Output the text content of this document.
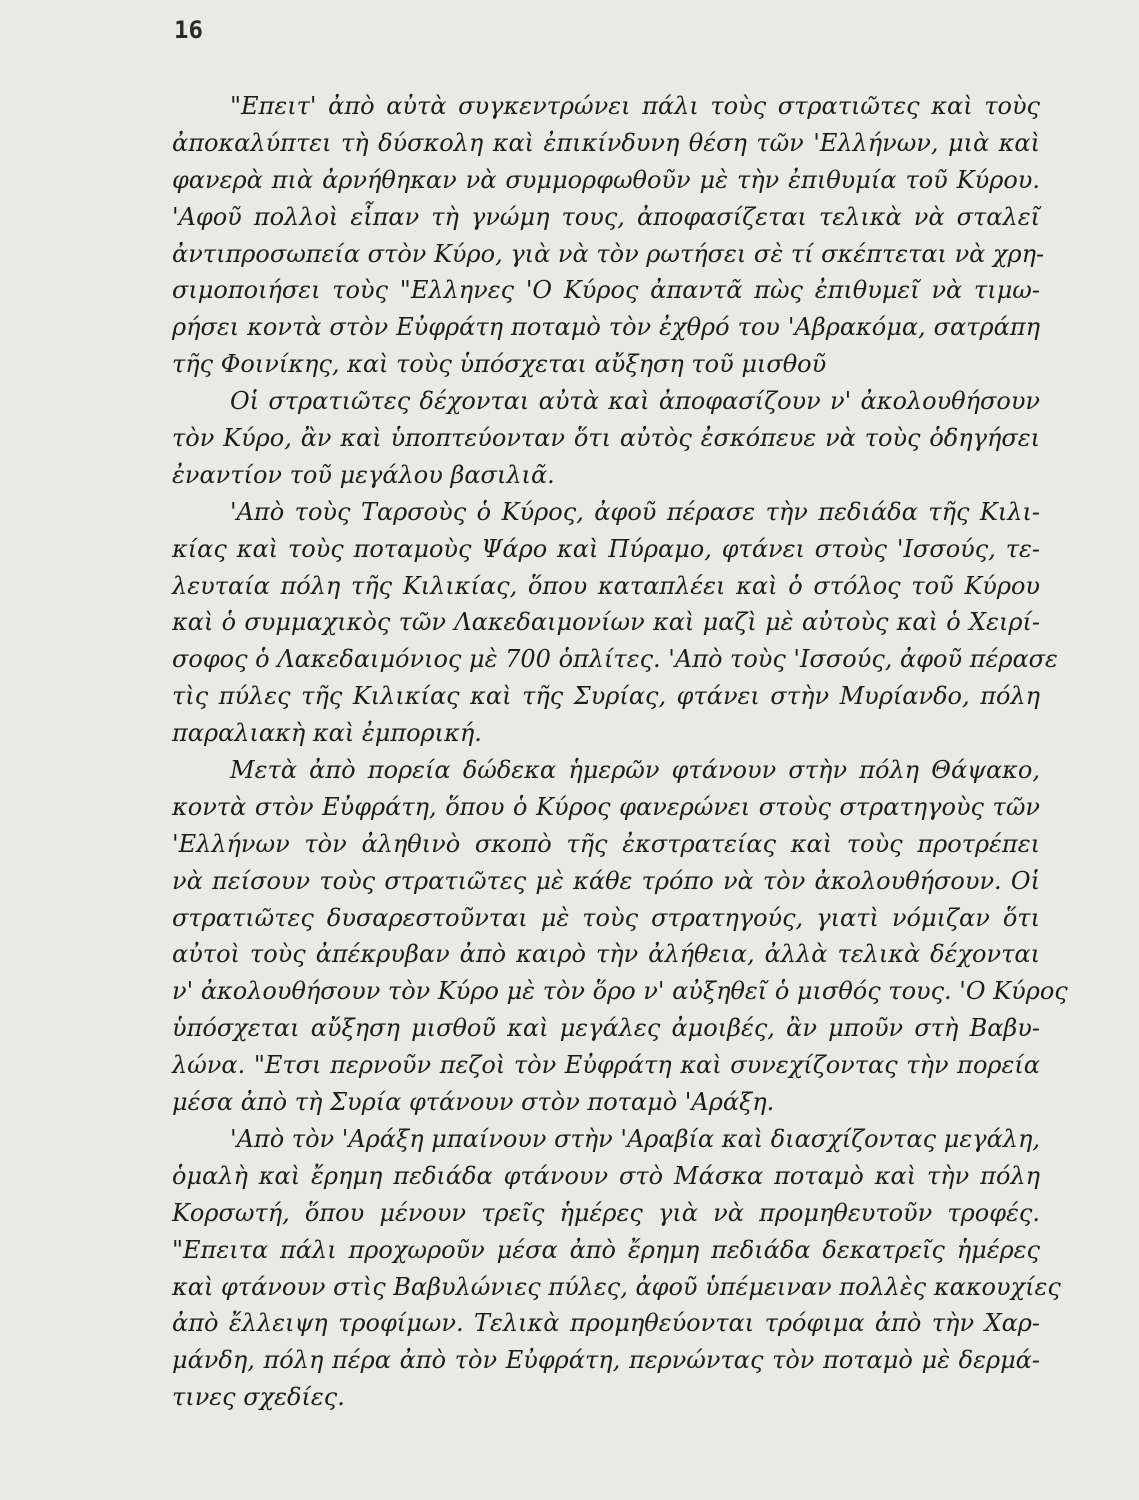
16
"Επειτ' ἀπὸ αὐτὰ συγκεντρώνει πάλι τοὺς στρατιῶτες καὶ τοὺς
ἀποκαλύπτει τὴ δύσκολη καὶ ἐπικίνδυνη θέση τῶν 'Ελλήνων, μιὰ καὶ
φανερὰ πιὰ ἀρνήθηκαν νὰ συμμορφωθοῦν μὲ τὴν ἐπιθυμία τοῦ Κύρου.
'Αφοῦ πολλοὶ εἶπαν τὴ γνώμη τους, ἀποφασίζεται τελικὰ νὰ σταλεῖ
ἀντιπροσωπεία στὸν Κύρο, γιὰ νὰ τὸν ρωτήσει σὲ τί σκέπτεται νὰ χρη-
σιμοποιήσει τοὺς "Ελληνες 'Ο Κύρος ἀπαντᾶ πὼς ἐπιθυμεῖ νὰ τιμω-
ρήσει κοντὰ στὸν Εὐφράτη ποταμὸ τὸν ἐχθρό του 'Αβρακόμα, σατράπη
τῆς Φοινίκης, καὶ τοὺς ὑπόσχεται αὔξηση τοῦ μισθοῦ
Οἱ στρατιῶτες δέχονται αὐτὰ καὶ ἀποφασίζουν ν' ἀκολουθήσουν
τὸν Κύρο, ἂν καὶ ὑποπτεύονταν ὅτι αὐτὸς ἐσκόπευε νὰ τοὺς ὁδηγήσει
ἐναντίον τοῦ μεγάλου βασιλιᾶ.
'Απὸ τοὺς Ταρσοὺς ὁ Κύρος, ἀφοῦ πέρασε τὴν πεδιάδα τῆς Κιλι-
κίας καὶ τοὺς ποταμοὺς Ψάρο καὶ Πύραμο, φτάνει στοὺς 'Ισσούς, τε-
λευταία πόλη τῆς Κιλικίας, ὅπου καταπλέει καὶ ὁ στόλος τοῦ Κύρου
καὶ ὁ συμμαχικὸς τῶν Λακεδαιμονίων καὶ μαζὶ μὲ αὐτοὺς καὶ ὁ Χειρί-
σοφος ὁ Λακεδαιμόνιος μὲ 700 ὁπλίτες. 'Απὸ τοὺς 'Ισσούς, ἀφοῦ πέρασε
τὶς πύλες τῆς Κιλικίας καὶ τῆς Συρίας, φτάνει στὴν Μυρίανδο, πόλη
παραλιακὴ καὶ ἐμπορική.
Μετὰ ἀπὸ πορεία δώδεκα ἡμερῶν φτάνουν στὴν πόλη Θάψακο,
κοντὰ στὸν Εὐφράτη, ὅπου ὁ Κύρος φανερώνει στοὺς στρατηγοὺς τῶν
'Ελλήνων τὸν ἀληθινὸ σκοπὸ τῆς ἐκστρατείας καὶ τοὺς προτρέπει
νὰ πείσουν τοὺς στρατιῶτες μὲ κάθε τρόπο νὰ τὸν ἀκολουθήσουν. Οἱ
στρατιῶτες δυσαρεστοῦνται μὲ τοὺς στρατηγούς, γιατὶ νόμιζαν ὅτι
αὐτοὶ τοὺς ἀπέκρυβαν ἀπὸ καιρὸ τὴν ἀλήθεια, ἀλλὰ τελικὰ δέχονται
ν' ἀκολουθήσουν τὸν Κύρο μὲ τὸν ὅρο ν' αὐξηθεῖ ὁ μισθός τους. 'Ο Κύρος
ὑπόσχεται αὔξηση μισθοῦ καὶ μεγάλες ἀμοιβές, ἂν μποῦν στὴ Βαβυ-
λώνα. "Ετσι περνοῦν πεζοὶ τὸν Εὐφράτη καὶ συνεχίζοντας τὴν πορεία
μέσα ἀπὸ τὴ Συρία φτάνουν στὸν ποταμὸ 'Αράξη.
'Απὸ τὸν 'Αράξη μπαίνουν στὴν 'Αραβία καὶ διασχίζοντας μεγάλη,
ὁμαλὴ καὶ ἔρημη πεδιάδα φτάνουν στὸ Μάσκα ποταμὸ καὶ τὴν πόλη
Κορσωτή, ὅπου μένουν τρεῖς ἡμέρες γιὰ νὰ προμηθευτοῦν τροφές.
"Επειτα πάλι προχωροῦν μέσα ἀπὸ ἔρημη πεδιάδα δεκατρεῖς ἡμέρες
καὶ φτάνουν στὶς Βαβυλώνιες πύλες, ἀφοῦ ὑπέμειναν πολλὲς κακουχίες
ἀπὸ ἔλλειψη τροφίμων. Τελικὰ προμηθεύονται τρόφιμα ἀπὸ τὴν Χαρ-
μάνδη, πόλη πέρα ἀπὸ τὸν Εὐφράτη, περνώντας τὸν ποταμὸ μὲ δερμά-
τινες σχεδίες.
